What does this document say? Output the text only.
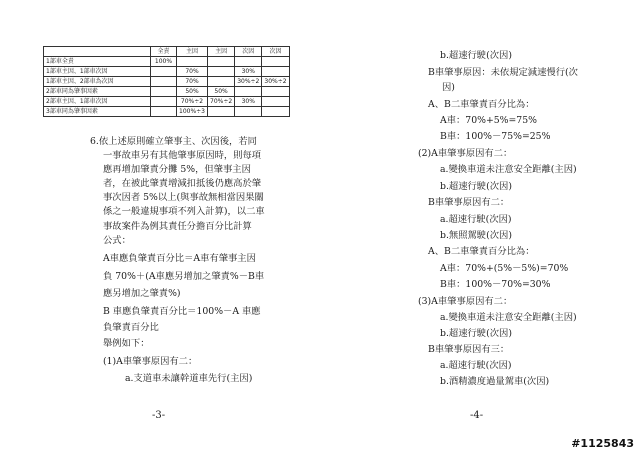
	全責	主因	主因	次因	次因
1部車全責	100%				
1部車主因、1部車次因		70%		30%	
1部車主因、2部車為次因		70%		30%÷2	30%÷2
2部車同為肇事因素		50%	50%		
2部車主因、1部車次因		70%÷2	70%÷2	30%	
3部車同為肇事因素		100%÷3			
6.依上述原則確立肇事主、次因後，若同
一事故車另有其他肇事原因時，則每項
應再增加肇責分攤 5%，但肇事主因
者，在被此肇責增減扣抵後仍應高於肇
事次因者 5%以上(與事故無相當因果關
係之一般違規事項不列入計算)，以二車
事故案件為例其責任分擔百分比計算
公式：
A車應負肇責百分比＝A車有肇事主因
負 70%＋(A車應另增加之肇責%－B車
應另增加之肇責%)
B 車應負肇責百分比＝100%－A 車應
負肇責百分比
舉例如下：
(1)A車肇事原因有二：
a.支道車未讓幹道車先行(主因)
-3-
b.超速行駛(次因)
B車肇事原因：未依規定減速慢行(次
因)
A、B二車肇責百分比為：
A車：70%+5%=75%
B車：100%－75%=25%
(2)A車肇事原因有二：
a.變換車道未注意安全距離(主因)
b.超速行駛(次因)
B車肇事原因有二：
a.超速行駛(次因)
b.無照駕駛(次因)
A、B二車肇責百分比為：
A車：70%+(5%－5%)=70%
B車：100%－70%=30%
(3)A車肇事原因有二：
a.變換車道未注意安全距離(主因)
b.超速行駛(次因)
B車肇事原因有三：
a.超速行駛(次因)
b.酒精濃度過量駕車(次因)
-4-
#1125843
